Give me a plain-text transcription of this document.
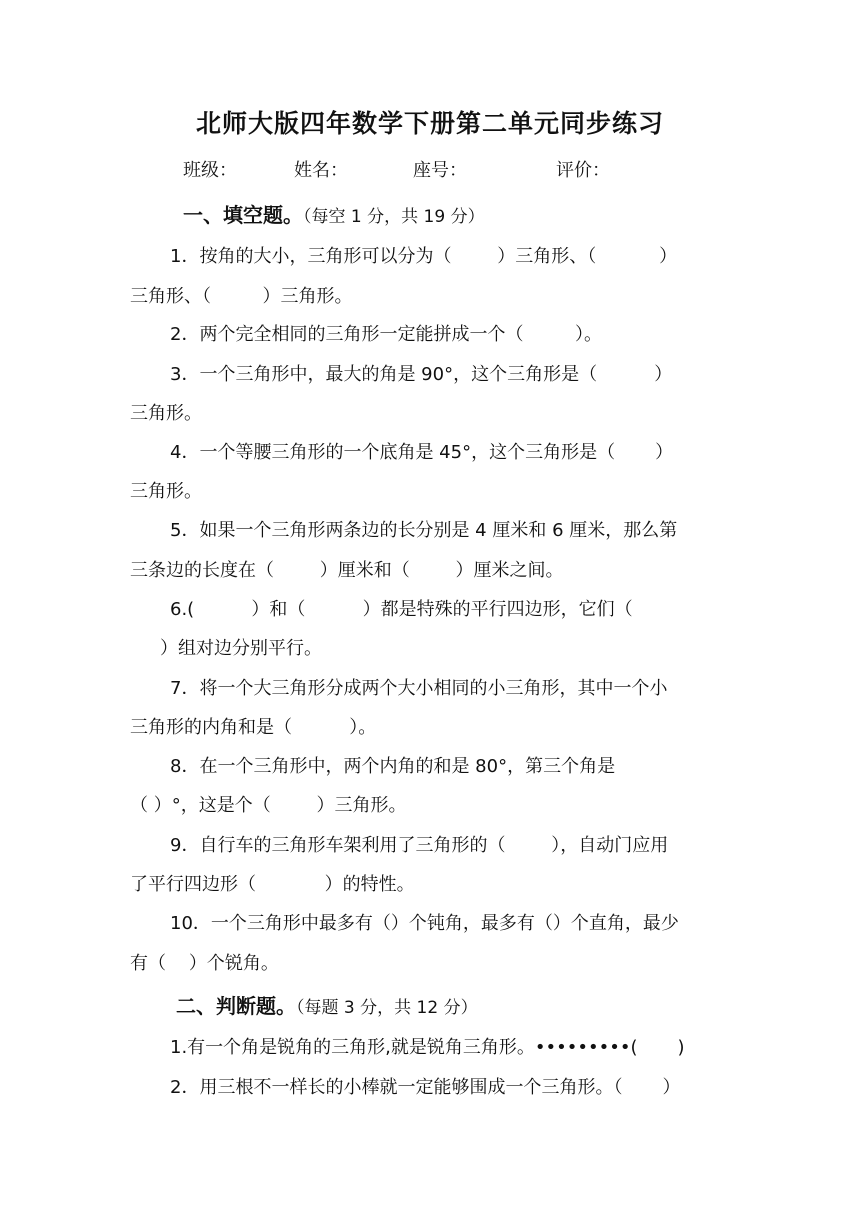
北师大版四年数学下册第二单元同步练习
班级：	姓名：	座号：	评价：
一、填空题。（每空 1 分，共 19 分）
1．按角的大小，三角形可以分为（        ）三角形、（           ）
三角形、（         ）三角形。
2．两个完全相同的三角形一定能拼成一个（         ）。
3．一个三角形中，最大的角是 90°，这个三角形是（          ）
三角形。
4．一个等腰三角形的一个底角是 45°，这个三角形是（       ）
三角形。
5．如果一个三角形两条边的长分别是 4 厘米和 6 厘米，那么第
三条边的长度在（        ）厘米和（        ）厘米之间。
6.(          ）和（          ）都是特殊的平行四边形，它们（
）组对边分别平行。
7．将一个大三角形分成两个大小相同的小三角形，其中一个小
三角形的内角和是（          ）。
8．在一个三角形中，两个内角的和是 80°，第三个角是
（ ）°，这是个（        ）三角形。
9．自行车的三角形车架利用了三角形的（        ），自动门应用
了平行四边形（            ）的特性。
10．一个三角形中最多有（）个钝角，最多有（）个直角，最少
有（    ）个锐角。
二、判断题。（每题 3 分，共 12 分）
1.有一个角是锐角的三角形,就是锐角三角形。•••••••••(       )
2．用三根不一样长的小棒就一定能够围成一个三角形。（       ）
